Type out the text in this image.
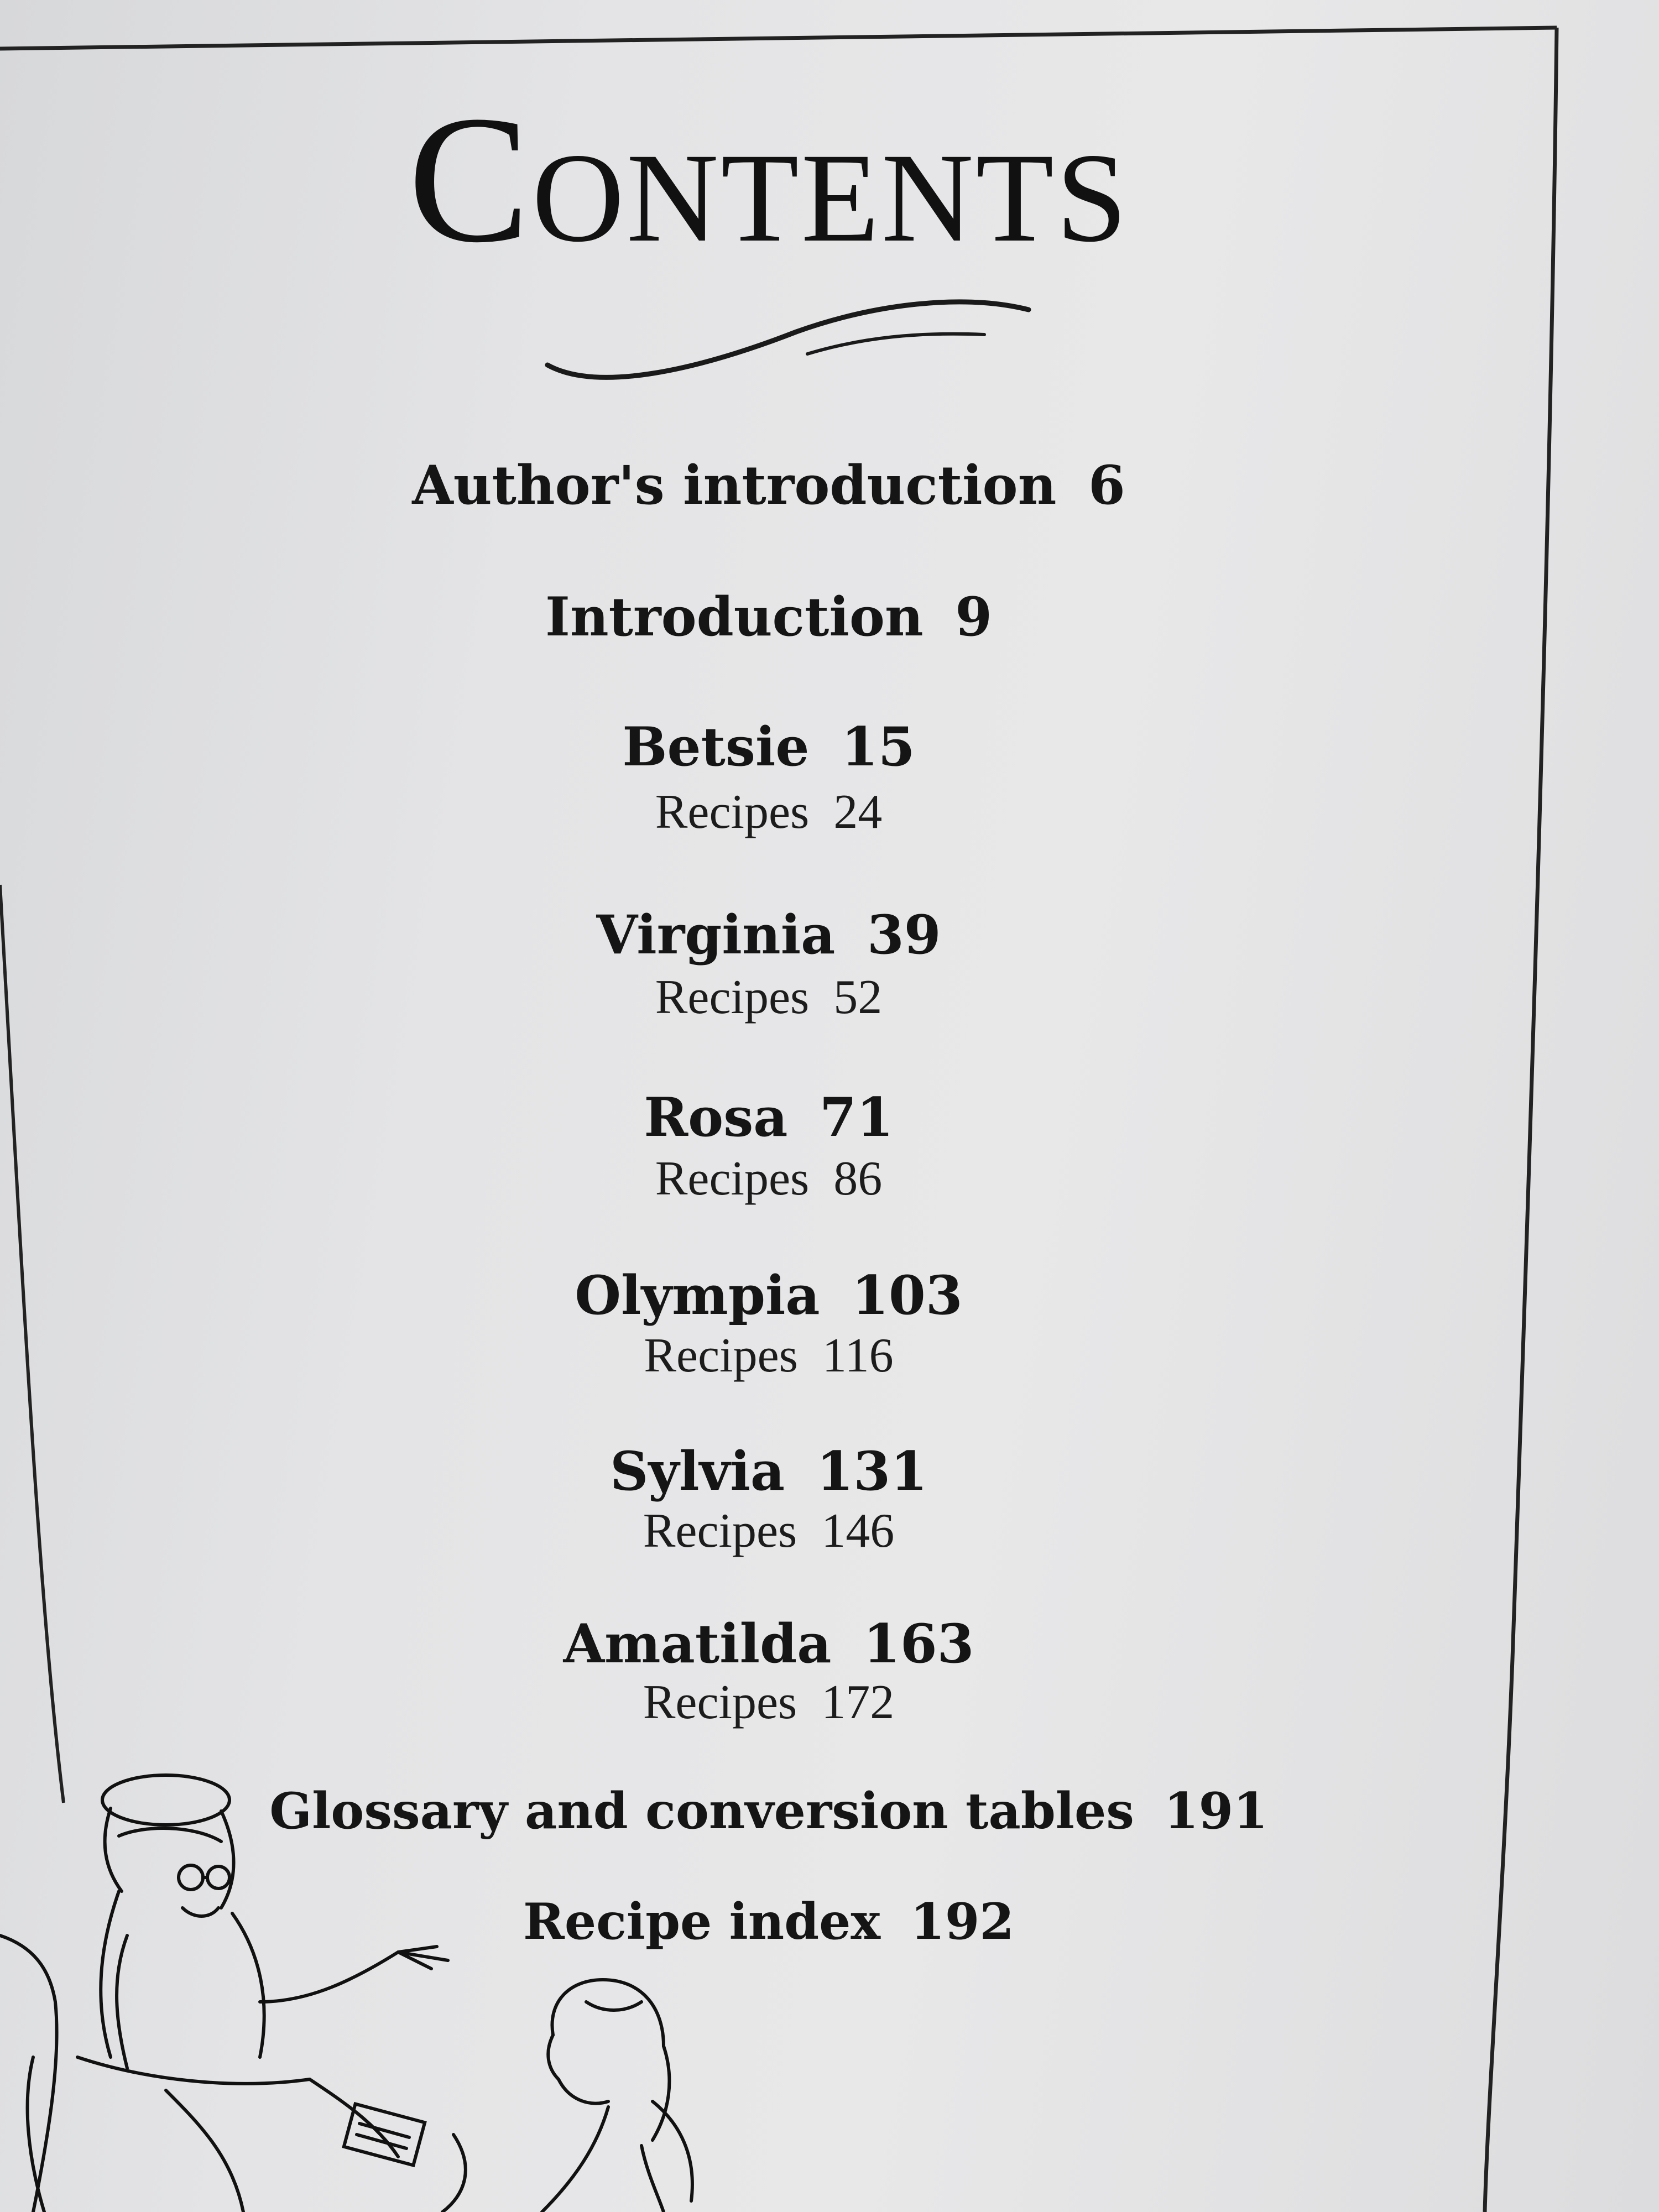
Contents
Author's introduction 6
Introduction 9
Betsie 15
Recipes 24
Virginia 39
Recipes 52
Rosa 71
Recipes 86
Olympia 103
Recipes 116
Sylvia 131
Recipes 146
Amatilda 163
Recipes 172
Glossary and conversion tables 191
Recipe index 192
